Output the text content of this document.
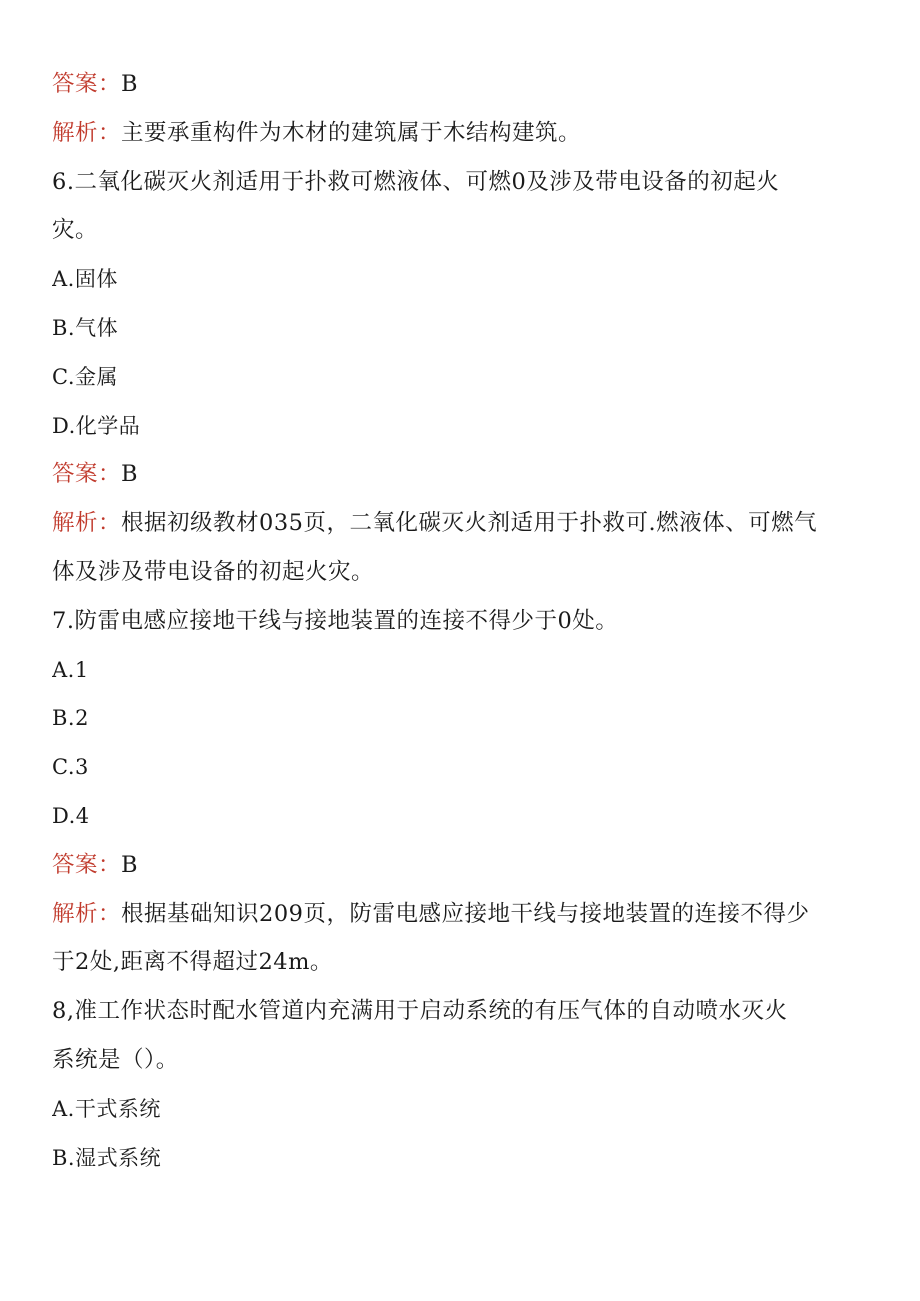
答案：B
解析：主要承重构件为木材的建筑属于木结构建筑。
6.二氧化碳灭火剂适用于扑救可燃液体、可燃0及涉及带电设备的初起火
灾。
A.固体
B.气体
C.金属
D.化学品
答案：B
解析：根据初级教材035页，二氧化碳灭火剂适用于扑救可.燃液体、可燃气
体及涉及带电设备的初起火灾。
7.防雷电感应接地干线与接地装置的连接不得少于0处。
A.1
B.2
C.3
D.4
答案：B
解析：根据基础知识209页，防雷电感应接地干线与接地装置的连接不得少
于2处,距离不得超过24m。
8,准工作状态时配水管道内充满用于启动系统的有压气体的自动喷水灭火
系统是（）。
A.干式系统
B.湿式系统
